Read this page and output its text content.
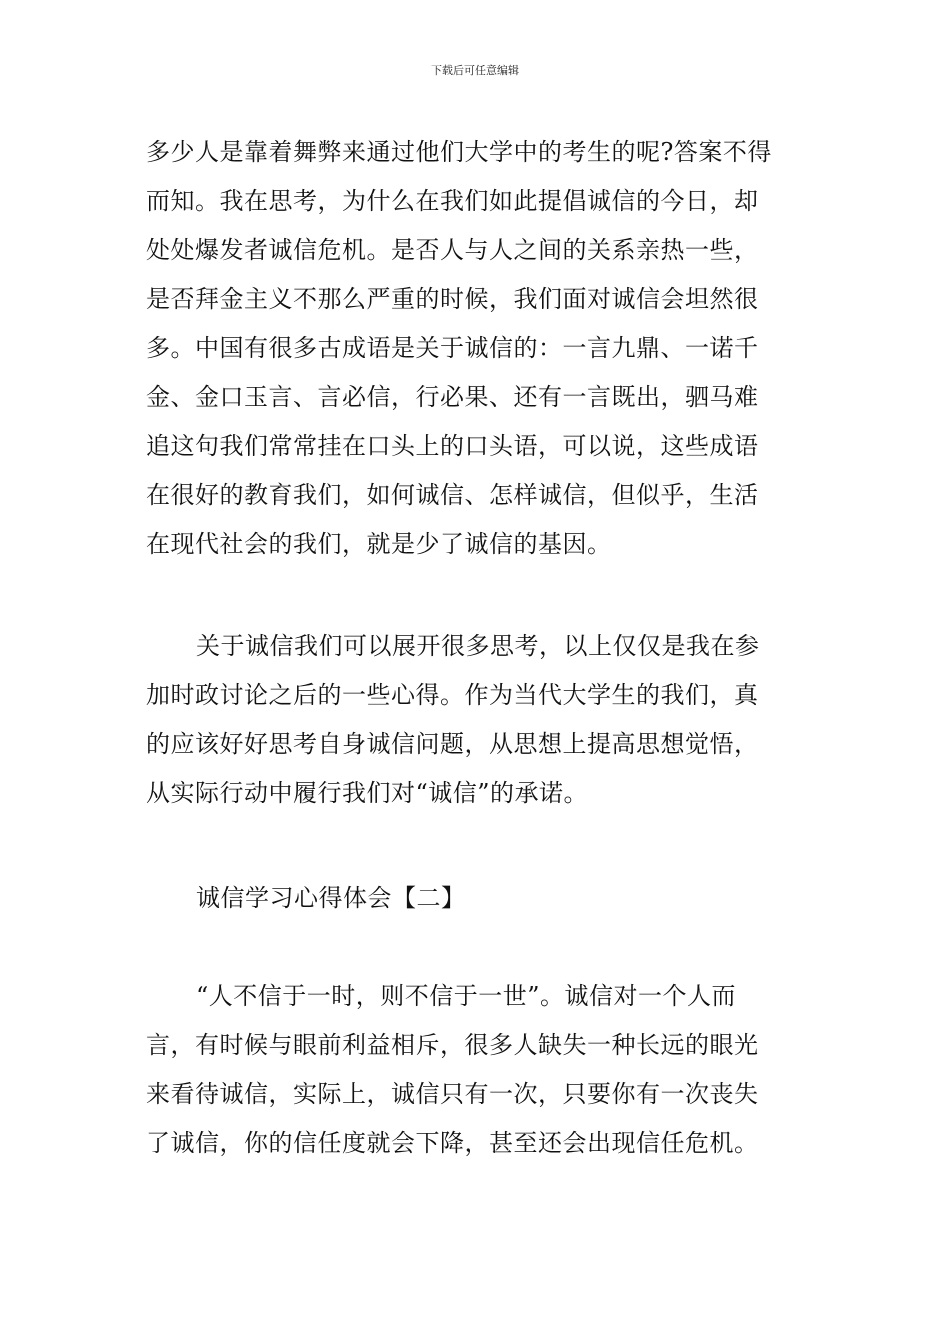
下载后可任意编辑

多少人是靠着舞弊来通过他们大学中的考生的呢?答案不得
而知。我在思考，为什么在我们如此提倡诚信的今日，却
处处爆发者诚信危机。是否人与人之间的关系亲热一些，
是否拜金主义不那么严重的时候，我们面对诚信会坦然很
多。中国有很多古成语是关于诚信的：一言九鼎、一诺千
金、金口玉言、言必信，行必果、还有一言既出，驷马难
追这句我们常常挂在口头上的口头语，可以说，这些成语
在很好的教育我们，如何诚信、怎样诚信，但似乎，生活
在现代社会的我们，就是少了诚信的基因。

关于诚信我们可以展开很多思考，以上仅仅是我在参
加时政讨论之后的一些心得。作为当代大学生的我们，真
的应该好好思考自身诚信问题，从思想上提高思想觉悟，
从实际行动中履行我们对“诚信”的承诺。

诚信学习心得体会【二】

“人不信于一时，则不信于一世”。诚信对一个人而
言，有时候与眼前利益相斥，很多人缺失一种长远的眼光
来看待诚信，实际上，诚信只有一次，只要你有一次丧失
了诚信，你的信任度就会下降，甚至还会出现信任危机。
